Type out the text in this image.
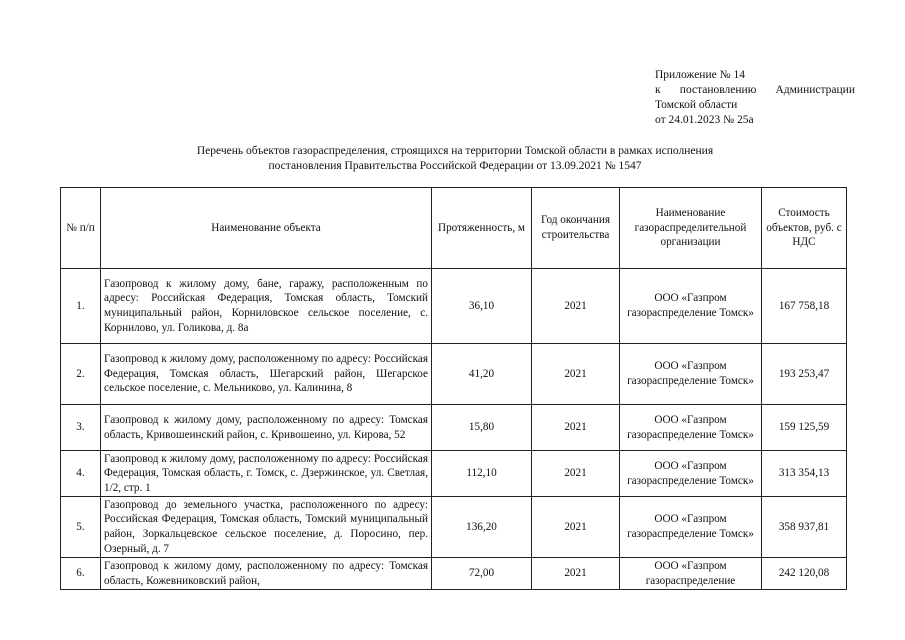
Приложение № 14
к постановлению Администрации
Томской области
от 24.01.2023 № 25а
Перечень объектов газораспределения, строящихся на территории Томской области в рамках исполнения
постановления Правительства Российской Федерации от 13.09.2021 № 1547
№ п/п	Наименование объекта	Протяженность, м	Год окончания строительства	Наименование газораспределительной организации	Стоимость объектов, руб. с НДС
1.	Газопровод к жилому дому, бане, гаражу, расположенным по адресу: Российская Федерация, Томская область, Томский муниципальный район, Корниловское сельское поселение, с. Корнилово, ул. Голикова, д. 8а	36,10	2021	ООО «Газпром газораспределение Томск»	167 758,18
2.	Газопровод к жилому дому, расположенному по адресу: Российская Федерация, Томская область, Шегарский район, Шегарское сельское поселение, с. Мельниково, ул. Калинина, 8	41,20	2021	ООО «Газпром газораспределение Томск»	193 253,47
3.	Газопровод к жилому дому, расположенному по адресу: Томская область, Кривошеинский район, с. Кривошеино, ул. Кирова, 52	15,80	2021	ООО «Газпром газораспределение Томск»	159 125,59
4.	Газопровод к жилому дому, расположенному по адресу: Российская Федерация, Томская область, г. Томск, с. Дзержинское, ул. Светлая, 1/2, стр. 1	112,10	2021	ООО «Газпром газораспределение Томск»	313 354,13
5.	Газопровод до земельного участка, расположенного по адресу: Российская Федерация, Томская область, Томский муниципальный район, Зоркальцевское сельское поселение, д. Поросино, пер. Озерный, д. 7	136,20	2021	ООО «Газпром газораспределение Томск»	358 937,81
6.	Газопровод к жилому дому, расположенному по адресу: Томская область, Кожевниковский район,	72,00	2021	ООО «Газпром газораспределение	242 120,08
